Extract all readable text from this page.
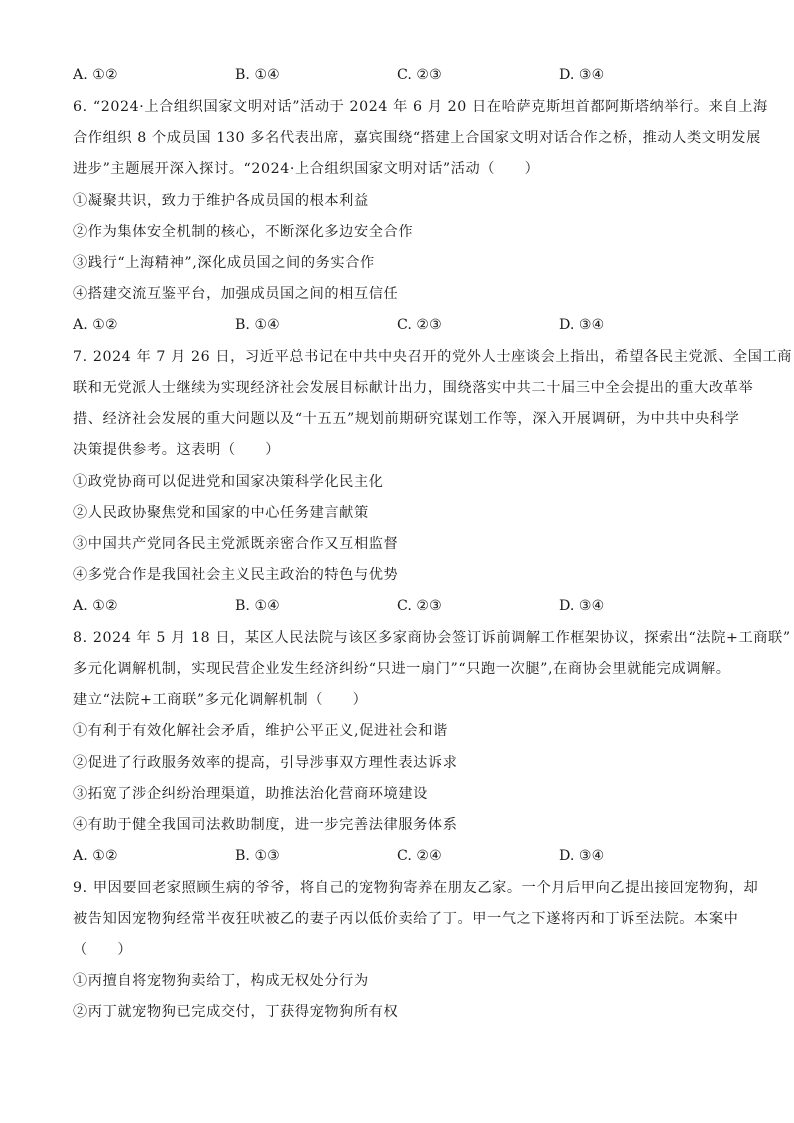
A. ①②	B. ①④	C. ②③	D. ③④
6. “2024·上合组织国家文明对话”活动于 2024 年 6 月 20 日在哈萨克斯坦首都阿斯塔纳举行。来自上海
合作组织 8 个成员国 130 多名代表出席，嘉宾围绕“搭建上合国家文明对话合作之桥，推动人类文明发展
进步”主题展开深入探讨。“2024·上合组织国家文明对话”活动（　　）
①凝聚共识，致力于维护各成员国的根本利益
②作为集体安全机制的核心，不断深化多边安全合作
③践行“上海精神”,深化成员国之间的务实合作
④搭建交流互鉴平台，加强成员国之间的相互信任
A. ①②	B. ①④	C. ②③	D. ③④
7. 2024 年 7 月 26 日，习近平总书记在中共中央召开的党外人士座谈会上指出，希望各民主党派、全国工商
联和无党派人士继续为实现经济社会发展目标献计出力，围绕落实中共二十届三中全会提出的重大改革举
措、经济社会发展的重大问题以及“十五五”规划前期研究谋划工作等，深入开展调研，为中共中央科学
决策提供参考。这表明（　　）
①政党协商可以促进党和国家决策科学化民主化
②人民政协聚焦党和国家的中心任务建言献策
③中国共产党同各民主党派既亲密合作又互相监督
④多党合作是我国社会主义民主政治的特色与优势
A. ①②	B. ①④	C. ②③	D. ③④
8. 2024 年 5 月 18 日，某区人民法院与该区多家商协会签订诉前调解工作框架协议，探索出“法院+工商联”
多元化调解机制，实现民营企业发生经济纠纷“只进一扇门”“只跑一次腿”,在商协会里就能完成调解。
建立“法院+工商联”多元化调解机制（　　）
①有利于有效化解社会矛盾，维护公平正义,促进社会和谐
②促进了行政服务效率的提高，引导涉事双方理性表达诉求
③拓宽了涉企纠纷治理渠道，助推法治化营商环境建设
④有助于健全我国司法救助制度，进一步完善法律服务体系
A. ①②	B. ①③	C. ②④	D. ③④
9. 甲因要回老家照顾生病的爷爷，将自己的宠物狗寄养在朋友乙家。一个月后甲向乙提出接回宠物狗，却
被告知因宠物狗经常半夜狂吠被乙的妻子丙以低价卖给了丁。甲一气之下遂将丙和丁诉至法院。本案中
（　　）
①丙擅自将宠物狗卖给丁，构成无权处分行为
②丙丁就宠物狗已完成交付，丁获得宠物狗所有权
